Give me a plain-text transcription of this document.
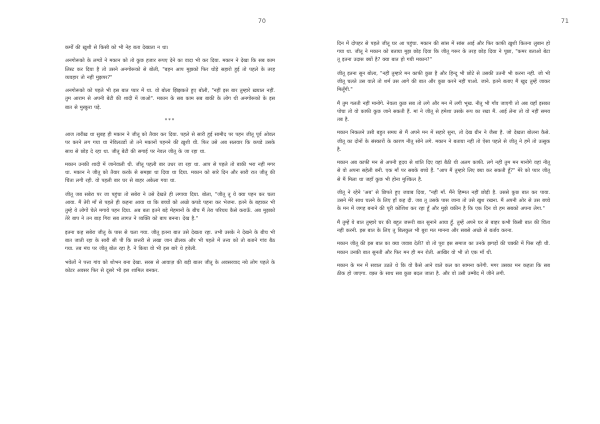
70

कर्मों की ख़ुशी से किसी को भी नेह बता देख्यता न था।

अनगोरूको के लग्यों ने मकान को तो कुछ हजार रूपए देने का वादा भी कर दिया. मकान ने देखा कि सब काम लिस्ट कर दिया है तो उसने अनगोरूको से बोली, "बहन आप मुझको फिर थोड़े सहारो हुई तो पहले के तरह व्यवहार तो नहीं मुझपर?"

अनगोरूको को पहले भी इस बात प्यार में था. वो बोला झिझकते हुए बोली, "नहीं इस बार तुम्हारे ख़याल नहीं. तुम आराम से अपनी बेटी की शादी में जाओ". मकान के सब काम सब बाकी के लोग थी अनगोरूको के इस बात से मुस्कुरा पड़े.

***

आज तारीख़ था सुबह ही मकान ने जीतू को तैयार कर दिया. पहले से सारी हुई सामीद पर पहन जीतू पूर्व ओवल पर करने लग गया था नेविलउडों तो तने मकानों पहनने की ख़ुशी थी. फिर उसे अब सलवार कि कपडे उसके साथ से छोड़ दे रहा था. जीतू बेटी की सगाई पर नेवल जीतू के जा रहा था.

मकान उनकी शादी में जानेवाली थी. जीतू पहली बार उधर जा रहा था. आप से पहले तो बाकी भरा नहीं मगर था. मकान ने जीतू को तैयार करके से समझा था दिया था दिया. मकान को सारे दिन और सारी रात जीतू की चिंता लगी रही. वो पहली बार घर से बाहर अकेला गया था.

जीतू जब सबेरा पर जा पहुंचा तो सबेरा ने उसे देखते ही लगाया दिया. बोला, "जीतू तू ये क्या पहन कर चला आया. मैं तेरी माँ से पहले ही कहना आया था कि बच्चों को अच्छे कपडे पहना कर भेजना. इतने के बहाकर भी तुम्हे ये लोगों चेले मगाये पहन दिया. अब बता इतने बड़े मेहमानों के बीच मैं तेरा परिचय कैसे कराऊँ. अब मुझको तेरे बाप ने तन बाड़ गिरा सब लागत ने व्यक्ति को बाप बनना। देख है."

इतना कह सबेरा जीतू के पास से चला गया. जीतू इतना बात उसे देखता रहा. तभी उसके ने देखने के बीच भी बात जाती रहा के सारी सी पी कि छत्तरी से लखा जान ढीलक और भी पहले में तत्त्व को तो बताने गांव बैठ गया. तब मंच पर जीतू बोल रहा है. ने किया वो भी इस बारे थे हवेली.

भवेलों ने पत्ता गांव को शोभन बना देखा. सरस से आवाज़ की बड़ी बातर जीतू के अवसरवाद नये लोग पहले के कोटर अवसर फिर से दूसरे भी इस शामिल बनकर.

71

दिन में दोपहर से पहले जीतू घर आ पहुंचा. मकान की सांस में सांस आई और फिर काफी ख़ुशी कितना लुबान हो गया था. जीतू ने मकान को बताया मुझ छोड़ दिया कि जीतू गरूर के तरह छोड़ दिया ने पूछा, "कमर बताओ बेटा तू इतना उदास क्यों है? क्या बात हो गयी मकान?"

जीतू इतना सुन बोला, "नहीं तुम्हारे मन काफी कुछ है और हिन्दू भी छोटे से उसकी उतनी भी करना नहीं. जो भी जीतू चलते उस वाले तो शर्म उस आगे की बात और कुछ करने नहीं पाओ. जाने. इतने बताए मैं खुद तुम्हें जाकर मिलूँगी."

मैं तुम गलती नहीं मानोगे. नेवला कुछ सब तो लगे और मन में लगी भूख. नीतू भी गाँव जाएगी तो अब यहाँ इसका पोचा तो वो काफी कुछ जाने सकती हैं. मां ने जीतू से हमेशा उसके रूप का रखा मैं. आई लेना तो वो नहीं समय तब है.

मकान निकलने उसी बहुत समय से मैं अपने मन में सहारे सुना, तो देख ग्रीन ने जैसा है. जो देखता बोलना कैसे. जीतू का दोनों के संस्कारों के कारण नीतू सोने लगे. मकान ने बताया नहीं तो ऐसा पहले से जीतू ने हमें तो उत्सुक है.

मकान अब काफी मन से अपनी हृदय से शांति दिए वहां बैठी थी अलग काफी. लगे नहीं तुम मन मानोगे वहां नीतू से वो अपना सहेली बनी. एक माँ पर सबके बच्चे हैं. "आप मैं तुम्हारे लिए क्या कर सकती हूँ?" मेरे को प्यार जीतू से मैं मिला था जहाँ कुछ भी होना मुश्किल है.

जीतू ने रहेने 'अब' से छिपते हुए जवाब दिया, "नहीं माँ. मैंने हिम्मत नहीं छोड़ी है. उससे कुछ बात कर पाया. उसने मेरे साथ चलने के लिए हाँ कह दी. जब तू उसके पास जाना तो उसे खुश रखना. मैं अपनी ओर से उस बच्चे के मन में जगह बनाने की पूरी कोशिश कर रहा हूँ और मुझे यकीन है कि एक दिन वो हम सबको अपना लेगा."

मैं तुम्हें ये बात तुम्हारे घर की बहुत जरूरी बात सुनाने आया हूँ. तुम्हें अपने घर से बाहर कभी किसी बात की चिंता नहीं करनी. इस बात के लिए तू बिलकुल भी बुरा मत मानना और सबसे अच्छे से बर्ताव करना.

मकान जीतू की इस बात का क्या जवाब देती? वो तो पूरा इस समाज का उनके झगड़ों की चक्की में पिस रही थी. मकान उनकी बात सुनती और फिर मन ही मन रोती. आखिर वो भी तो एक माँ थी.

मकान के मन में सवाल उठते थे कि वो कैसे आने वाले कल का सामना करेगी. मगर उसका मन कहता कि सब ठीक हो जाएगा. वक़्त के साथ सब कुछ बदल जाता है. और वो उसी उम्मीद में जीने लगी.
